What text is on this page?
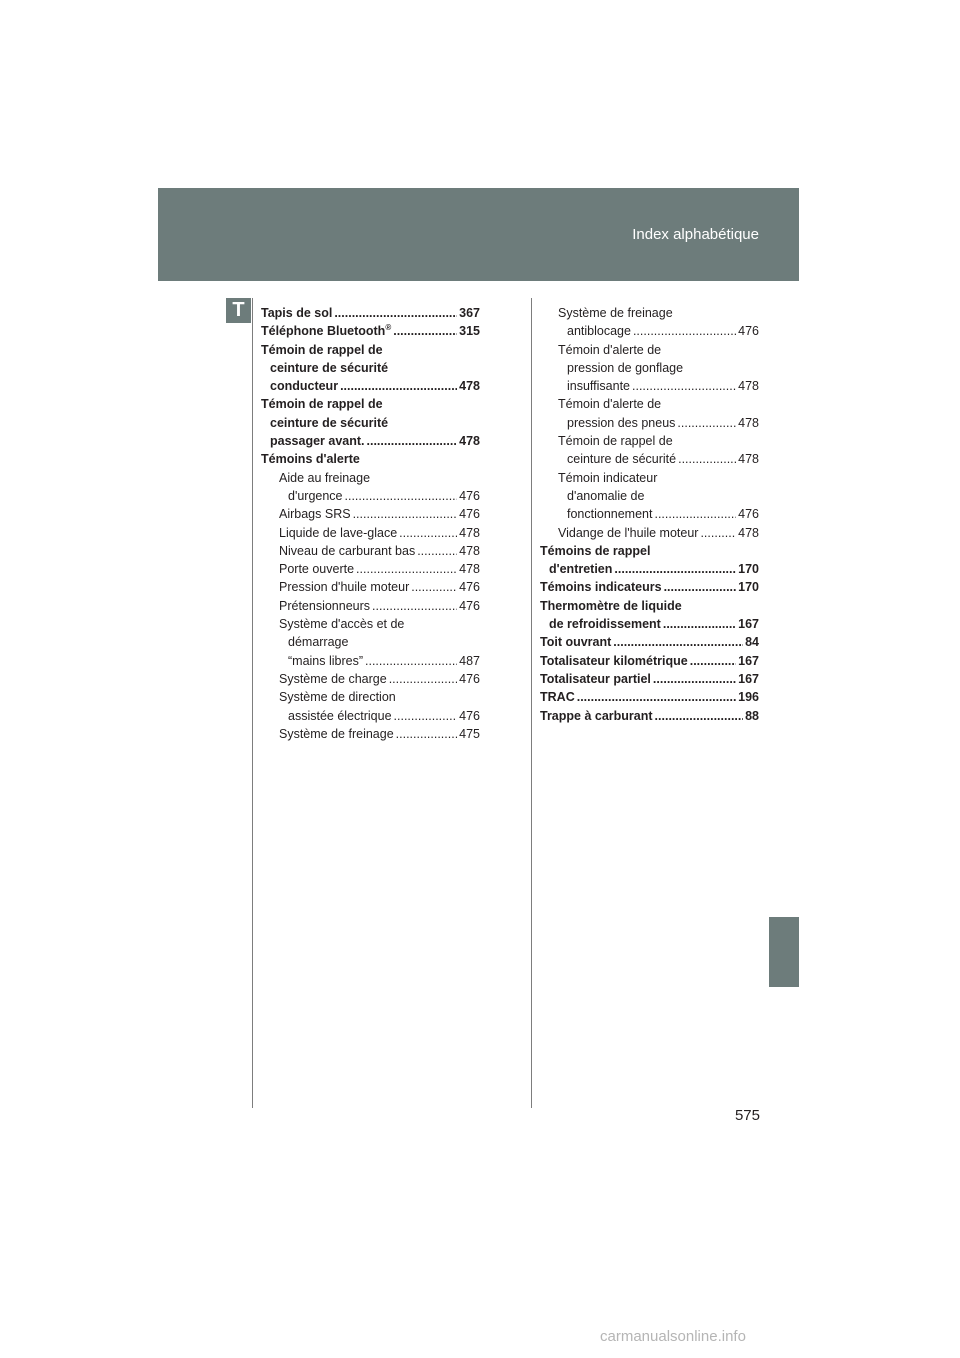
Index alphabétique
T	Tapis de sol .....	367
Téléphone Bluetooth® .....	315
Témoin de rappel de
ceinture de sécurité
conducteur .....	478
Témoin de rappel de
ceinture de sécurité
passager avant. .....	478
Témoins d'alerte
Aide au freinage
d'urgence .....	476
Airbags SRS .....	476
Liquide de lave-glace .....	478
Niveau de carburant bas .....	478
Porte ouverte .....	478
Pression d'huile moteur .....	476
Prétensionneurs .....	476
Système d'accès et de
démarrage
“mains libres” .....	487
Système de charge .....	476
Système de direction
assistée électrique .....	476
Système de freinage .....	475
Système de freinage
antiblocage .....	476
Témoin d'alerte de
pression de gonflage
insuffisante .....	478
Témoin d'alerte de
pression des pneus .....	478
Témoin de rappel de
ceinture de sécurité .....	478
Témoin indicateur
d'anomalie de
fonctionnement .....	476
Vidange de l'huile moteur .....	478
Témoins de rappel
d'entretien .....	170
Témoins indicateurs .....	170
Thermomètre de liquide
de refroidissement .....	167
Toit ouvrant .....	84
Totalisateur kilométrique .....	167
Totalisateur partiel .....	167
TRAC .....	196
Trappe à carburant .....	88
575
carmanualsonline.info
